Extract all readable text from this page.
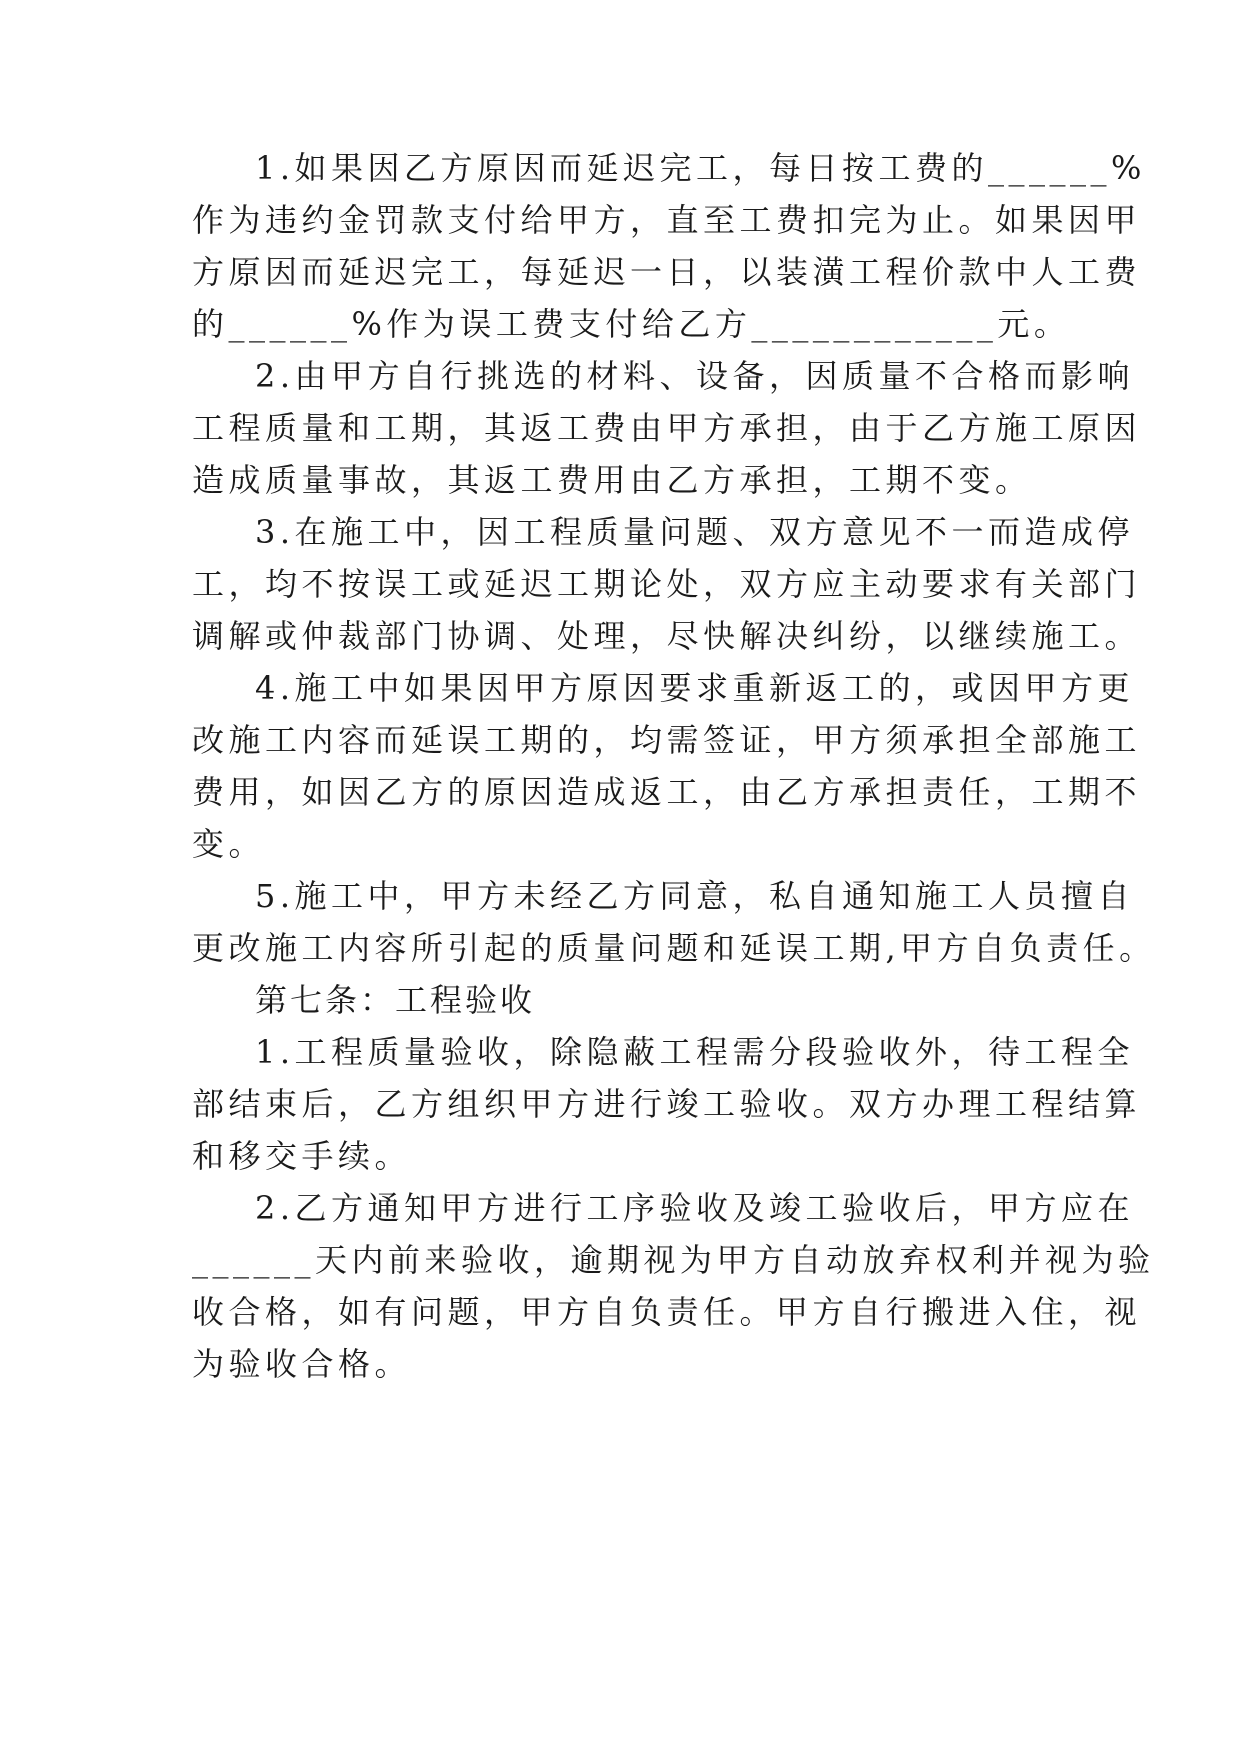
1.如果因乙方原因而延迟完工，每日按工费的______%
作为违约金罚款支付给甲方，直至工费扣完为止。如果因甲
方原因而延迟完工，每延迟一日，以装潢工程价款中人工费
的______%作为误工费支付给乙方____________元。
2.由甲方自行挑选的材料、设备，因质量不合格而影响
工程质量和工期，其返工费由甲方承担，由于乙方施工原因
造成质量事故，其返工费用由乙方承担，工期不变。
3.在施工中，因工程质量问题、双方意见不一而造成停
工，均不按误工或延迟工期论处，双方应主动要求有关部门
调解或仲裁部门协调、处理，尽快解决纠纷，以继续施工。
4.施工中如果因甲方原因要求重新返工的，或因甲方更
改施工内容而延误工期的，均需签证，甲方须承担全部施工
费用，如因乙方的原因造成返工，由乙方承担责任，工期不
变。
5.施工中，甲方未经乙方同意，私自通知施工人员擅自
更改施工内容所引起的质量问题和延误工期,甲方自负责任。
第七条：工程验收
1.工程质量验收，除隐蔽工程需分段验收外，待工程全
部结束后，乙方组织甲方进行竣工验收。双方办理工程结算
和移交手续。
2.乙方通知甲方进行工序验收及竣工验收后，甲方应在
______天内前来验收，逾期视为甲方自动放弃权利并视为验
收合格，如有问题，甲方自负责任。甲方自行搬进入住，视
为验收合格。
